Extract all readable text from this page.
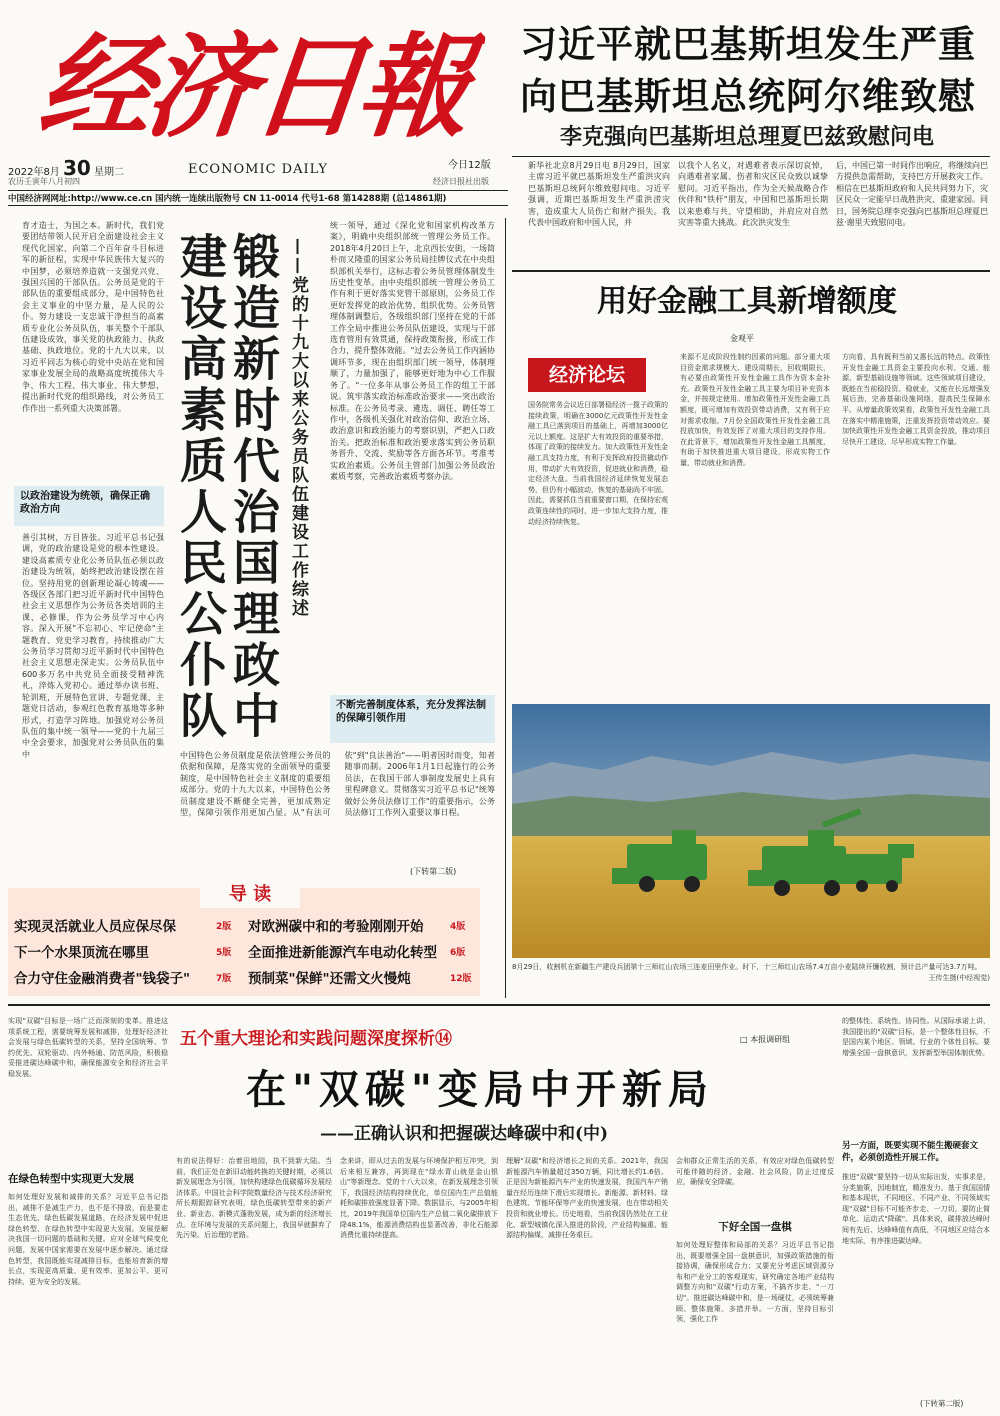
经济日報
2022年8月 30 星期二	ECONOMIC DAILY	今日12版
农历壬寅年八月初四	经济日报社出版
中国经济网网址:http://www.ce.cn 国内统一连续出版物号 CN 11-0014 代号1-68 第14288期 (总14861期)
习近平就巴基斯坦发生严重
向巴基斯坦总统阿尔维致慰
李克强向巴基斯坦总理夏巴兹致慰问电
新华社北京8月29日电 8月29日，国家主席习近平就巴基斯坦发生严重洪灾向巴基斯坦总统阿尔维致慰问电。习近平强调，近期巴基斯坦发生严重洪涝灾害，造成重大人员伤亡和财产损失。我代表中国政府和中国人民，并
以我个人名义，对遇难者表示深切哀悼，向遇难者家属、伤者和灾区民众致以诚挚慰问。习近平指出，作为全天候战略合作伙伴和"铁杆"朋友，中国和巴基斯坦长期以来患难与共、守望相助，并肩应对自然灾害等重大挑战。此次洪灾发生
后，中国已第一时间作出响应，将继续向巴方提供急需帮助，支持巴方开展救灾工作。相信在巴基斯坦政府和人民共同努力下，灾区民众一定能早日战胜洪灾、重建家园。同日，国务院总理李克强向巴基斯坦总理夏巴兹·谢里夫致慰问电。
育才造士，为国之本。新时代，我们党要团结带领人民开启全面建设社会主义现代化国家、向第二个百年奋斗目标进军的新征程，实现中华民族伟大复兴的中国梦，必须培养造就一支强党兴党、强国兴国的干部队伍。公务员是党的干部队伍的重要组成部分，是中国特色社会主义事业的中坚力量，是人民的公仆。努力建设一支忠诚干净担当的高素质专业化公务员队伍，事关整个干部队伍建设成效，事关党的执政能力、执政基础、执政地位。党的十九大以来，以习近平同志为核心的党中央站在党和国家事业发展全局的战略高度统揽伟大斗争、伟大工程、伟大事业、伟大梦想，提出新时代党的组织路线，对公务员工作作出一系列重大决策部署。
以政治建设为统领，确保正确政治方向
善引其树，万目皆张。习近平总书记强调，党的政治建设是党的根本性建设。建设高素质专业化公务员队伍必须以政治建设为统领，始终把政治建设摆在首位。坚持用党的创新理论凝心铸魂——各级区各部门把习近平新时代中国特色社会主义思想作为公务员各类培训的主课、必修课，作为公务员学习中心内容。深入开展"不忘初心、牢记使命"主题教育、党史学习教育，持续推动广大公务员学习贯彻习近平新时代中国特色社会主义思想走深走实。公务员队伍中600多万名中共党员全面接受精神洗礼，淬炼入党初心。通过举办读书班、轮训班，开展特色宣讲、专题党课、主题党日活动，参观红色教育基地等多种形式，打造学习阵地。加强党对公务员队伍的集中统一领导——党的十九届三中全会要求，加强党对公务员队伍的集中
锻造新时代治国理政中
建设高素质人民公仆队
——党的十九大以来公务员队伍建设工作综述
统一领导，通过《深化党和国家机构改革方案》，明确中央组织部统一管理公务员工作。2018年4月20日上午，北京西长安街，一场简朴而又隆重的国家公务员局挂牌仪式在中央组织部机关举行，这标志着公务员管理体制发生历史性变革。由中央组织部统一管理公务员工作有利于更好落实党管干部原则，公务员工作更好发挥党的政治优势、组织优势。公务员管理体制调整后，各级组织部门坚持在党的干部工作全局中推进公务员队伍建设，实现与干部选育管用有效贯通，保持政策衔接，形成工作合力，提升整体效能。"过去公务员工作内涵协调环节多，现在由组织部门统一领导，体制理顺了，力量加强了，能够更好地为中心工作服务了。"一位多年从事公务员工作的组工干部说。筑牢落实政治标准政治要求——突出政治标准。在公务员考录、遴选、调任、聘任等工作中，各级机关强化对政治信仰、政治立场、政治意识和政治能力的考察识别，严把入口政治关。把政治标准和政治要求落实到公务员职务晋升、交流、奖励等各方面各环节。考准考实政治素质。公务员主管部门加强公务员政治素质考察，完善政治素质考察办法。
不断完善制度体系，充分发挥法制的保障引领作用
中国特色公务员制度是依法管理公务员的依据和保障，是落实党的全面领导的重要制度，是中国特色社会主义制度的重要组成部分。党的十九大以来，中国特色公务员制度建设不断健全完善，更加成熟定型，保障引领作用更加凸显。从"有法可依"到"良法善治"——明者因时而变，知者随事而制。2006年1月1日起施行的公务员法，在我国干部人事制度发展史上具有里程碑意义。贯彻落实习近平总书记"统筹做好公务员法修订工作"的重要指示，公务员法修订工作列入重要议事日程。
(下转第二版)
导 读
实现灵活就业人员应保尽保	2版 对欧洲碳中和的考验刚刚开始	4版
下一个水果顶流在哪里	5版 全面推进新能源汽车电动化转型 6版
合力守住金融消费者"钱袋子"	7版 预制菜"保鲜"还需文火慢炖	12版
用好金融工具新增额度
金观平
经济论坛
国务院常务会议近日部署稳经济一揽子政策的接续政策，明确在3000亿元政策性开发性金融工具已落到项目的基础上，再增加3000亿元以上额度。这是扩大有效投资的重要举措，体现了政策的接续发力。加大政策性开发性金融工具支持力度，有利于发挥政府投资撬动作用，带动扩大有效投资，促进就业和消费，稳定经济大盘。当前我国经济延续恢复发展态势，但仍有小幅波动，恢复的基础尚不牢固。因此，需要抓住当前重要窗口期，在保持宏观政策连续性的同时，进一步加大支持力度，推动经济持续恢复。
来源不足成阶段性制约因素的问题。部分重大项目资金需求规模大、建设周期长，回收期限长，有必要由政策性开发性金融工具作为资本金补充。政策性开发性金融工具主要为项目补充资本金，并按规定使用。增加政策性开发性金融工具额度，既可增加有效投资带动消费，又有利于应对需求收缩。7月份全国政策性开发性金融工具投放加快，有效发挥了对重大项目的支持作用。在此背景下，增加政策性开发性金融工具额度，有助于加快推进重大项目建设，形成实物工作量，带动就业和消费。
方向看，具有既利当前又惠长远的特点。政策性开发性金融工具资金主要投向水利、交通、能源、新型基础设施等领域。这些领域项目建设，既能在当前稳投资、稳就业，又能在长远增强发展后劲，完善基础设施网络，提高民生保障水平。从增量政策效果看，政策性开发性金融工具在落实中精准施策，注重发挥投资带动效应。要加快政策性开发性金融工具资金投放，推动项目尽快开工建设，尽早形成实物工作量。
8月29日，收割机在新疆生产建设兵团第十三师红山农场三连麦田里作业。时下，十三师红山农场7.4万亩小麦陆续开镰收割，预计总产量可达3.7万吨。
王传生摄(中经视觉)
实现"双碳"目标是一场广泛而深刻的变革。推进这项系统工程，需要统筹发展和减排，处理好经济社会发展与绿色低碳转型的关系，坚持全国统筹、节约优先、双轮驱动、内外畅通、防范风险，积极稳妥推进碳达峰碳中和，确保能源安全和经济社会平稳发展。
五个重大理论和实践问题深度探析⑭	□ 本报调研组
在"双碳"变局中开新局
——正确认识和把握碳达峰碳中和(中)
在绿色转型中实现更大发展
如何处理好发展和减排的关系？习近平总书记指出，减排不是减生产力，也不是不排放，而是要走生态优先、绿色低碳发展道路，在经济发展中促进绿色转型、在绿色转型中实现更大发展。发展是解决我国一切问题的基础和关键。应对全球气候变化问题，发展中国家需要在发展中逐步解决。通过绿色转型，我国既能实现减排目标，也能培育新的增长点，实现更高质量、更有效率、更加公平、更可持续、更为安全的发展。
有的说法得好：治着田地园，执不到新大陆。当前，我们正处在新旧动能转换的关键时期，必须以新发展理念为引领，加快构建绿色低碳循环发展经济体系。中国社会科学院数量经济与技术经济研究所长期跟踪研究表明，绿色低碳转型带来的新产业、新业态、新模式蓬勃发展，成为新的经济增长点。在环境与发展的关系问题上，我国早就摒弃了先污染、后治理的老路。
念来讲，即从过去的发展与环境保护相互冲突，到后来相互兼容，再到现在"绿水青山就是金山银山"等新理念。党的十八大以来，在新发展理念引领下，我国经济结构持续优化，单位国内生产总值能耗和碳排放强度显著下降。数据显示，与2005年相比，2019年我国单位国内生产总值二氧化碳排放下降48.1%，能源消费结构也显著改善，非化石能源消费比重持续提高。
理解"双碳"和经济增长之间的关系。2021年，我国新能源汽车销量超过350万辆，同比增长约1.6倍。正是因为新能源汽车产业的快速发展，我国汽车产销量在经历连续下滑后实现增长。新能源、新材料、绿色建筑、节能环保等产业的快速发展，也在带动相关投资和就业增长。历史地看，当前我国仍然处在工业化、新型城镇化深入推进的阶段，产业结构偏重、能源结构偏煤，减排任务艰巨。
会和群众正常生活的关系，有效应对绿色低碳转型可能伴随的经济、金融、社会风险，防止过度反应，确保安全降碳。
下好全国一盘棋
如何处理好整体和局部的关系？习近平总书记指出，既要增强全国一盘棋意识，加强政策措施的衔接协调，确保形成合力；又要充分考虑区域资源分布和产业分工的客观现实，研究确定各地产业结构调整方向和"双碳"行动方案，不搞齐步走、"一刀切"。推进碳达峰碳中和，是一场硬仗，必须统筹兼顾、整体施策、多措并举。一方面，坚持目标引领，强化工作
的整体性、系统性、协同性。从国际承诺上讲，我国提出的"双碳"目标，是一个整体性目标，不是国内某个地区、领域、行业的个体性目标。要增强全国一盘棋意识，发挥新型举国体制优势。
另一方面，既要实现不能生搬硬套文件，必须创造性开展工作。
推进"双碳"要坚持一切从实际出发，实事求是，分类施策，因地制宜，精准发力。基于我国国情和基本现状，不同地区、不同产业、不同领域实现"双碳"目标不可能齐步走、一刀切，要防止简单化、运动式"降碳"。具体来说，碳排放达峰时间有先后、达峰峰值有高低，不同地区应结合本地实际，有序推进碳达峰。
(下转第二版)
